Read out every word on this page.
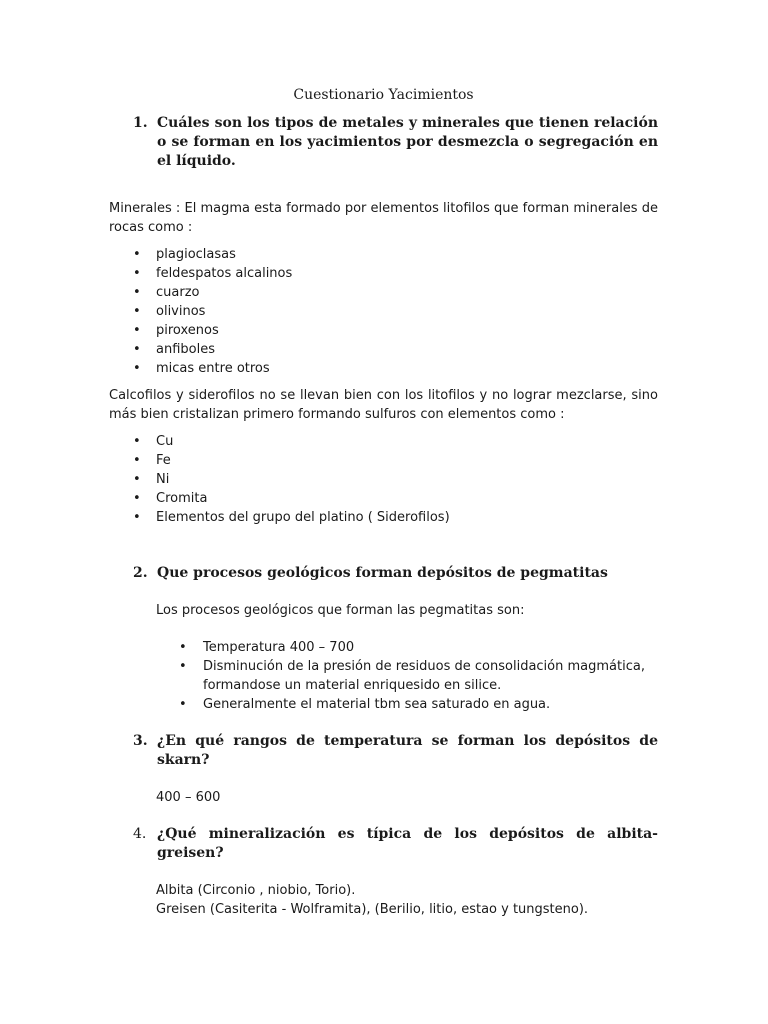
Cuestionario Yacimientos
1. Cuáles son los tipos de metales y minerales que tienen relación o se forman en los yacimientos por desmezcla o segregación en el líquido.

Minerales : El magma esta formado por elementos litofilos que forman minerales de rocas como :

• plagioclasas
• feldespatos alcalinos
• cuarzo
• olivinos
• piroxenos
• anfiboles
• micas entre otros

Calcofilos y siderofilos no se llevan bien con los litofilos y no lograr mezclarse, sino más bien cristalizan primero formando sulfuros con elementos como :

• Cu
• Fe
• Ni
• Cromita
• Elementos del grupo del platino ( Siderofilos)
2. Que procesos geológicos forman depósitos de pegmatitas

Los procesos geológicos que forman las pegmatitas son:

• Temperatura 400 – 700
• Disminución de la presión de residuos de consolidación magmática, formandose un material enriquesido en silice.
• Generalmente el material tbm sea saturado en agua.
3. ¿En qué rangos de temperatura se forman los depósitos de skarn?

400 – 600

4. ¿Qué mineralización es típica de los depósitos de albita- greisen?

Albita (Circonio , niobio, Torio).

Greisen (Casiterita - Wolframita), (Berilio, litio, estao y tungsteno).
